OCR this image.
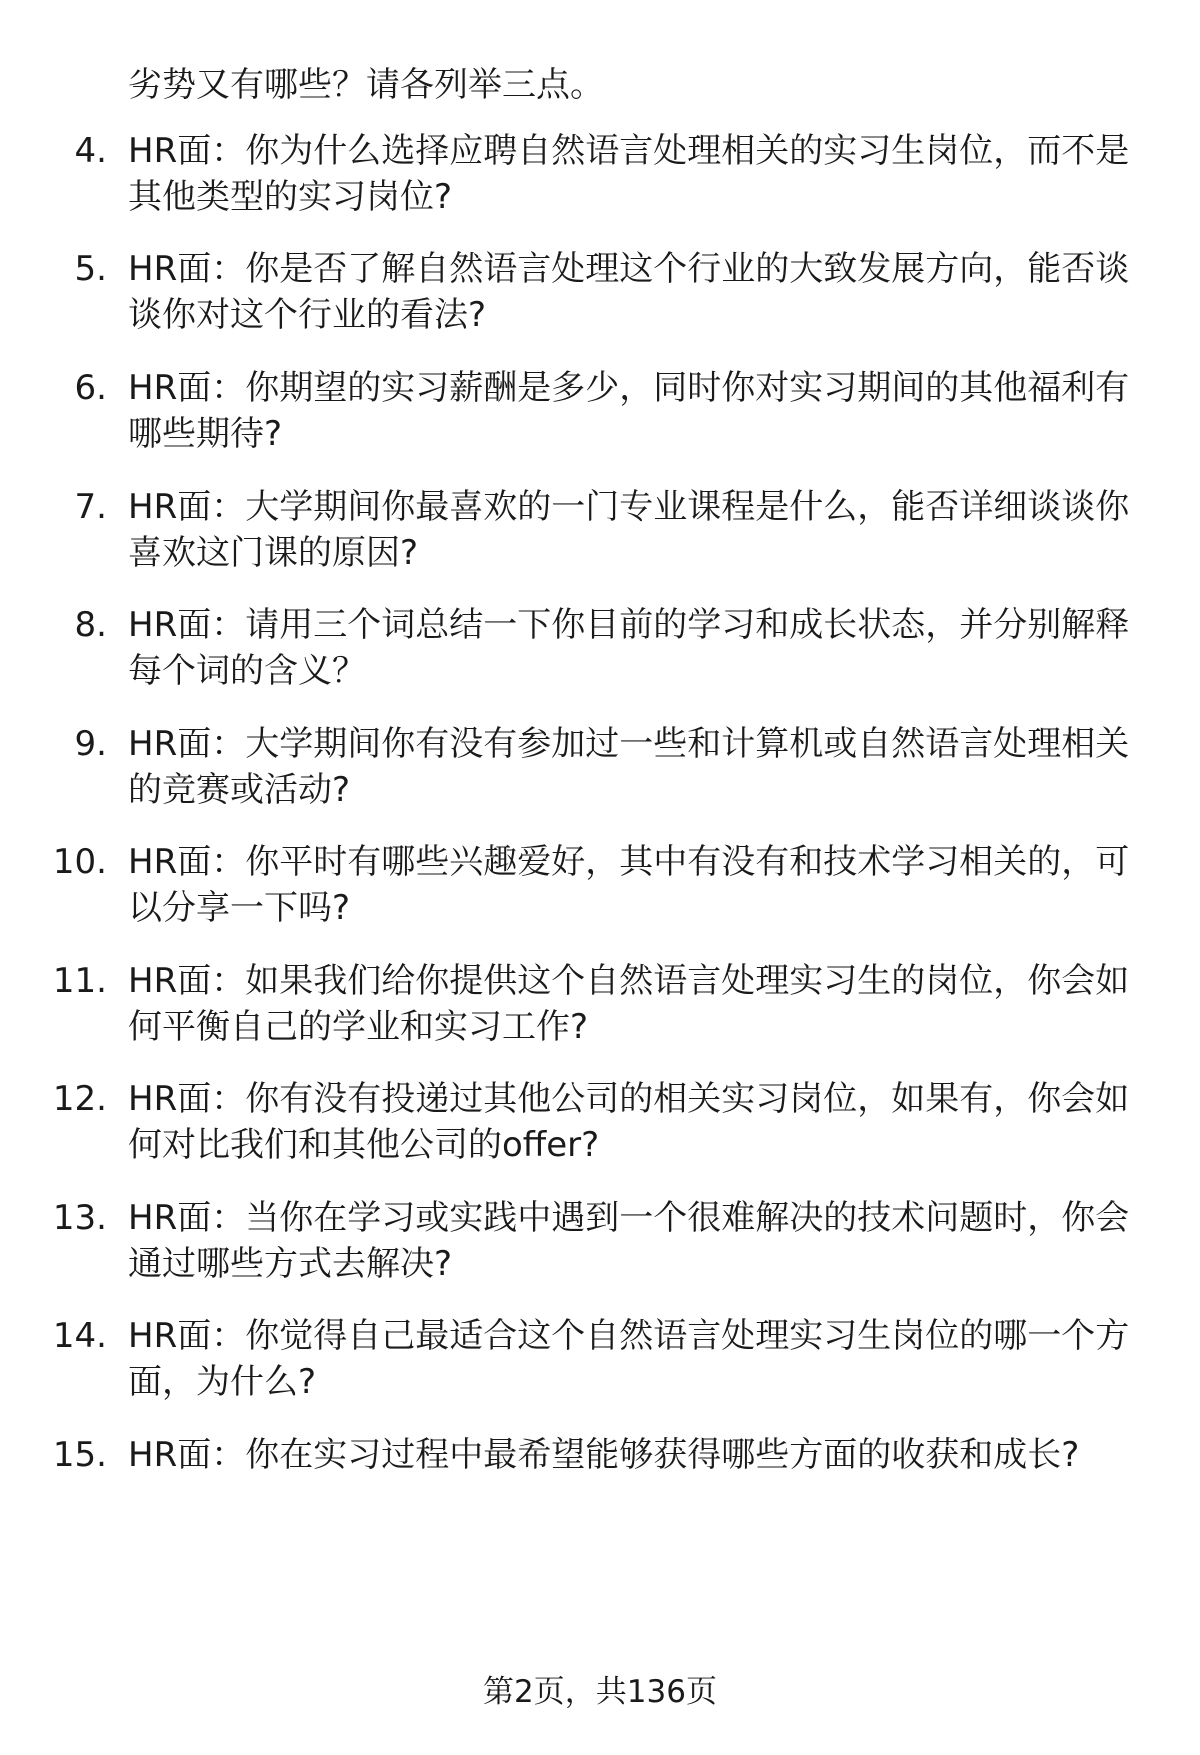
劣势又有哪些？请各列举三点。
4. HR面：你为什么选择应聘自然语言处理相关的实习生岗位，而不是其他类型的实习岗位?
5. HR面：你是否了解自然语言处理这个行业的大致发展方向，能否谈谈你对这个行业的看法?
6. HR面：你期望的实习薪酬是多少，同时你对实习期间的其他福利有哪些期待?
7. HR面：大学期间你最喜欢的一门专业课程是什么，能否详细谈谈你喜欢这门课的原因?
8. HR面：请用三个词总结一下你目前的学习和成长状态，并分别解释每个词的含义？
9. HR面：大学期间你有没有参加过一些和计算机或自然语言处理相关的竞赛或活动?
10. HR面：你平时有哪些兴趣爱好，其中有没有和技术学习相关的，可以分享一下吗?
11. HR面：如果我们给你提供这个自然语言处理实习生的岗位，你会如何平衡自己的学业和实习工作?
12. HR面：你有没有投递过其他公司的相关实习岗位，如果有，你会如何对比我们和其他公司的offer?
13. HR面：当你在学习或实践中遇到一个很难解决的技术问题时，你会通过哪些方式去解决?
14. HR面：你觉得自己最适合这个自然语言处理实习生岗位的哪一个方面，为什么?
15. HR面：你在实习过程中最希望能够获得哪些方面的收获和成长?
第2页，共136页
